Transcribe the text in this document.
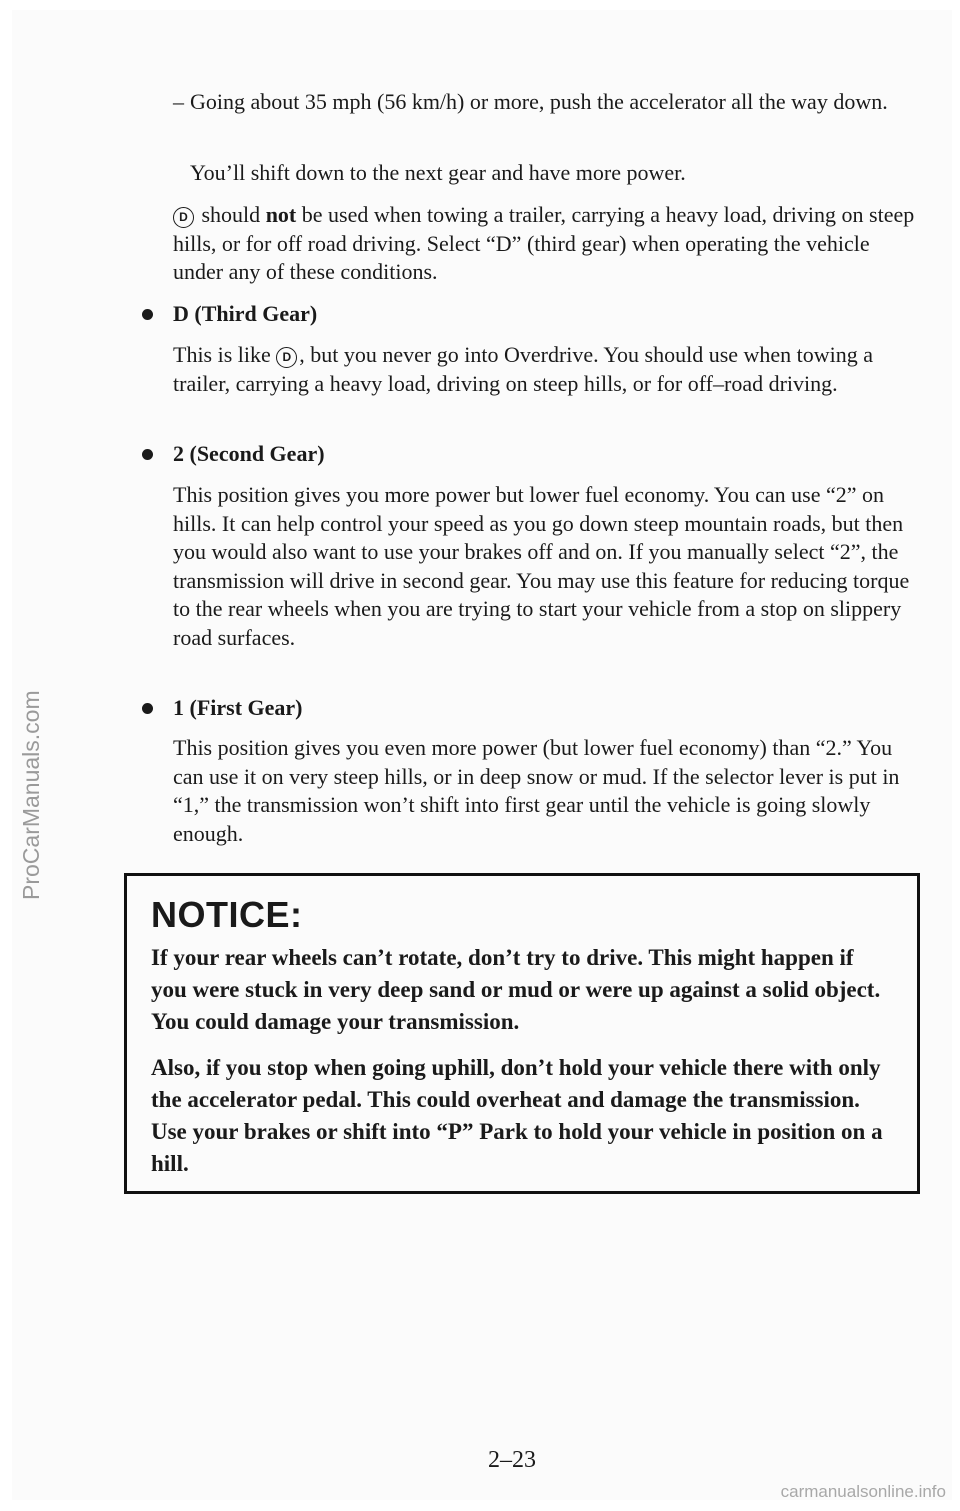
ProCarManuals.com
– Going about 35 mph (56 km/h) or more, push the accelerator all the way down.

You’ll shift down to the next gear and have more power.

D should not be used when towing a trailer, carrying a heavy load, driving on steep hills, or for off road driving. Select “D” (third gear) when operating the vehicle under any of these conditions.

D (Third Gear)

This is like D , but you never go into Overdrive. You should use when towing a trailer, carrying a heavy load, driving on steep hills, or for off–road driving.

2 (Second Gear)

This position gives you more power but lower fuel economy. You can use “2” on hills. It can help control your speed as you go down steep mountain roads, but then you would also want to use your brakes off and on. If you manually select “2”, the transmission will drive in second gear. You may use this feature for reducing torque to the rear wheels when you are trying to start your vehicle from a stop on slippery road surfaces.

1 (First Gear)

This position gives you even more power (but lower fuel economy) than “2.” You can use it on very steep hills, or in deep snow or mud. If the selector lever is put in “1,” the transmission won’t shift into first gear until the vehicle is going slowly enough.

NOTICE:

If your rear wheels can’t rotate, don’t try to drive. This might happen if you were stuck in very deep sand or mud or were up against a solid object. You could damage your transmission.

Also, if you stop when going uphill, don’t hold your vehicle there with only the accelerator pedal. This could overheat and damage the transmission. Use your brakes or shift into “P” Park to hold your vehicle in position on a hill.

2–23
carmanualsonline.info
